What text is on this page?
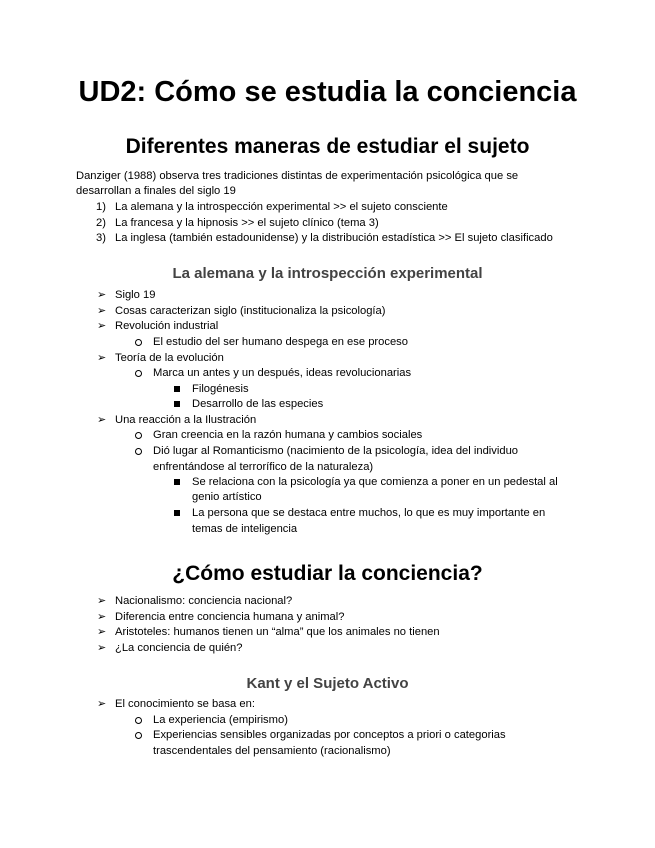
UD2: Cómo se estudia la conciencia
Diferentes maneras de estudiar el sujeto
Danziger (1988) observa tres tradiciones distintas de experimentación psicológica que se
desarrollan a finales del siglo 19
1) La alemana y la introspección experimental >> el sujeto consciente
2) La francesa y la hipnosis >> el sujeto clínico (tema 3)
3) La inglesa (también estadounidense) y la distribución estadística >> El sujeto clasificado
La alemana y la introspección experimental
➢ Siglo 19
➢ Cosas caracterizan siglo (institucionaliza la psicología)
➢ Revolución industrial
El estudio del ser humano despega en ese proceso
➢ Teoría de la evolución
Marca un antes y un después, ideas revolucionarias
Filogénesis
Desarrollo de las especies
➢ Una reacción a la Ilustración
Gran creencia en la razón humana y cambios sociales
Dió lugar al Romanticismo (nacimiento de la psicología, idea del individuo
enfrentándose al terrorífico de la naturaleza)
Se relaciona con la psicología ya que comienza a poner en un pedestal al
genio artístico
La persona que se destaca entre muchos, lo que es muy importante en
temas de inteligencia
¿Cómo estudiar la conciencia?
➢ Nacionalismo: conciencia nacional?
➢ Diferencia entre conciencia humana y animal?
➢ Aristoteles: humanos tienen un “alma” que los animales no tienen
➢ ¿La conciencia de quién?
Kant y el Sujeto Activo
➢ El conocimiento se basa en:
La experiencia (empirismo)
Experiencias sensibles organizadas por conceptos a priori o categorias
trascendentales del pensamiento (racionalismo)
